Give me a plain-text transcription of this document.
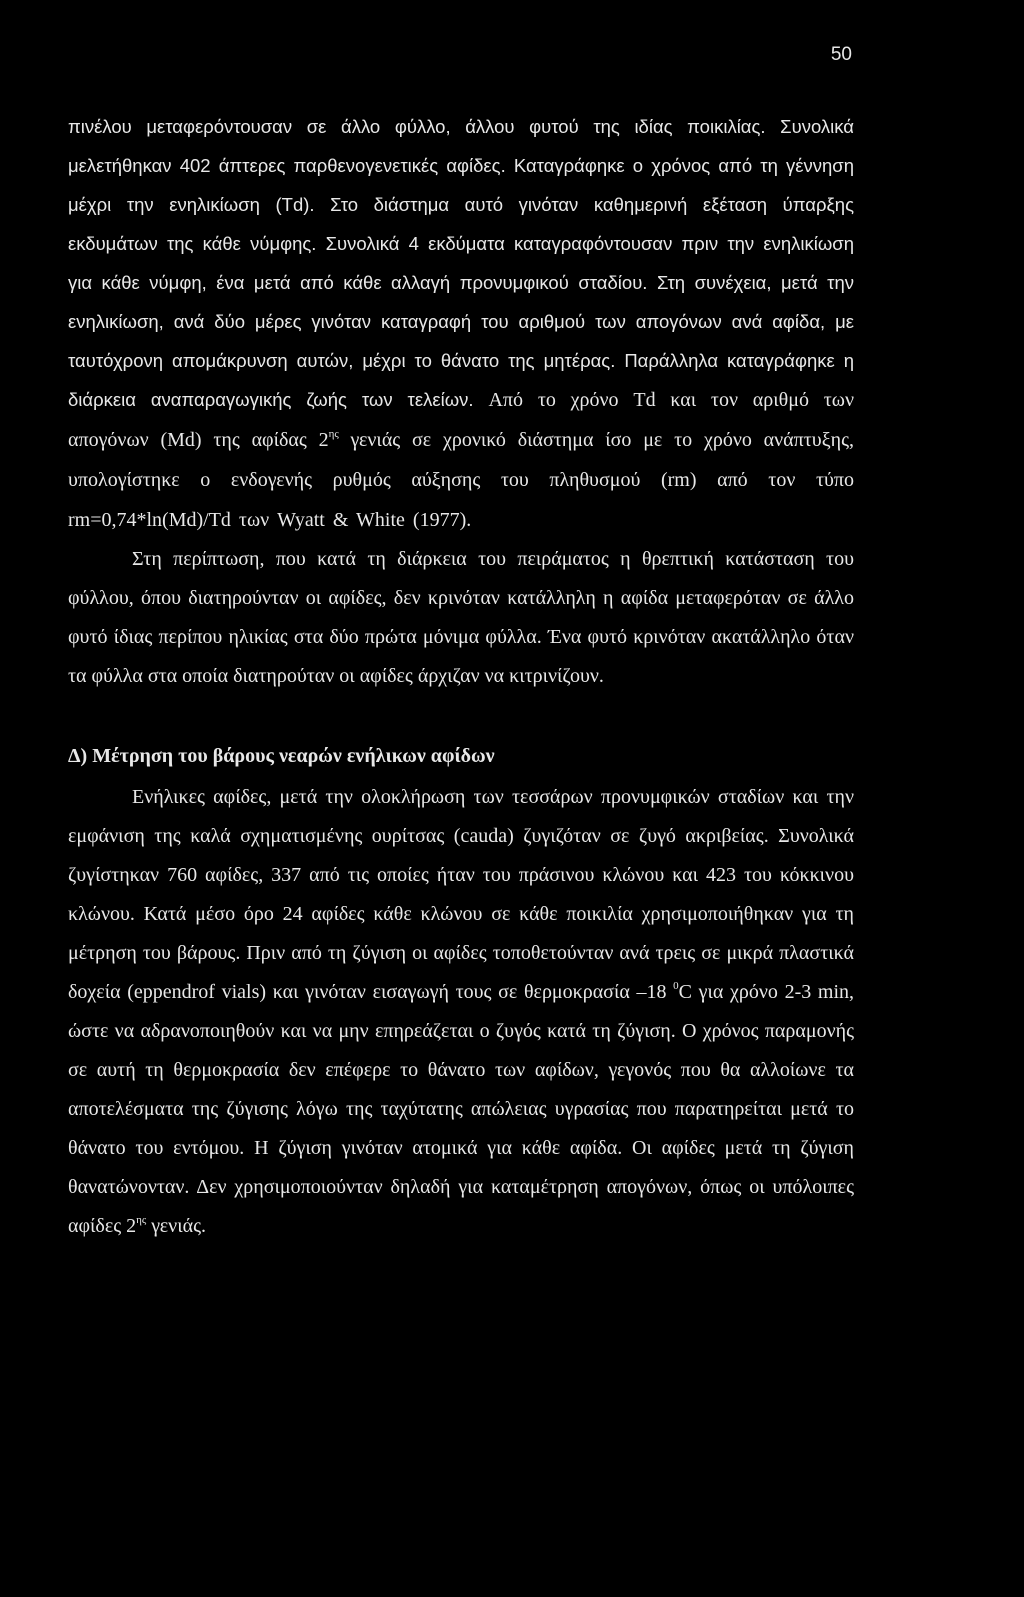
50

πινέλου μεταφερόντουσαν σε άλλο φύλλο, άλλου φυτού της ιδίας ποικιλίας. Συνολικά μελετήθηκαν 402 άπτερες παρθενογενετικές αφίδες. Καταγράφηκε ο χρόνος από τη γέννηση μέχρι την ενηλικίωση (Td). Στο διάστημα αυτό γινόταν καθημερινή εξέταση ύπαρξης εκδυμάτων της κάθε νύμφης. Συνολικά 4 εκδύματα καταγραφόντουσαν πριν την ενηλικίωση για κάθε νύμφη, ένα μετά από κάθε αλλαγή προνυμφικού σταδίου. Στη συνέχεια, μετά την ενηλικίωση, ανά δύο μέρες γινόταν καταγραφή του αριθμού των απογόνων ανά αφίδα, με ταυτόχρονη απομάκρυνση αυτών, μέχρι το θάνατο της μητέρας. Παράλληλα καταγράφηκε η διάρκεια αναπαραγωγικής ζωής των τελείων. Από το χρόνο Td και τον αριθμό των απογόνων (Md) της αφίδας $2^{\eta\varsigma}$ γενιάς σε χρονικό διάστημα ίσο με το χρόνο ανάπτυξης, υπολογίστηκε ο ενδογενής ρυθμός αύξησης του πληθυσμού (rm) από τον τύπο rm=0,74*ln(Md)/Td των Wyatt & White (1977).

Στη περίπτωση, που κατά τη διάρκεια του πειράματος η θρεπτική κατάσταση του φύλλου, όπου διατηρούνταν οι αφίδες, δεν κρινόταν κατάλληλη η αφίδα μεταφερόταν σε άλλο φυτό ίδιας περίπου ηλικίας στα δύο πρώτα μόνιμα φύλλα. Ένα φυτό κρινόταν ακατάλληλο όταν τα φύλλα στα οποία διατηρούταν οι αφίδες άρχιζαν να κιτρινίζουν.

Δ) Μέτρηση του βάρους νεαρών ενήλικων αφίδων

Ενήλικες αφίδες, μετά την ολοκλήρωση των τεσσάρων προνυμφικών σταδίων και την εμφάνιση της καλά σχηματισμένης ουρίτσας (cauda) ζυγιζόταν σε ζυγό ακριβείας. Συνολικά ζυγίστηκαν 760 αφίδες, 337 από τις οποίες ήταν του πράσινου κλώνου και 423 του κόκκινου κλώνου. Κατά μέσο όρο 24 αφίδες κάθε κλώνου σε κάθε ποικιλία χρησιμοποιήθηκαν για τη μέτρηση του βάρους. Πριν από τη ζύγιση οι αφίδες τοποθετούνταν ανά τρεις σε μικρά πλαστικά δοχεία (eppendrof vials) και γινόταν εισαγωγή τους σε θερμοκρασία –18 $^0$C για χρόνο 2-3 min, ώστε να αδρανοποιηθούν και να μην επηρεάζεται ο ζυγός κατά τη ζύγιση. Ο χρόνος παραμονής σε αυτή τη θερμοκρασία δεν επέφερε το θάνατο των αφίδων, γεγονός που θα αλλοίωνε τα αποτελέσματα της ζύγισης λόγω της ταχύτατης απώλειας υγρασίας που παρατηρείται μετά το θάνατο του εντόμου. Η ζύγιση γινόταν ατομικά για κάθε αφίδα. Οι αφίδες μετά τη ζύγιση θανατώνονταν. Δεν χρησιμοποιούνταν δηλαδή για καταμέτρηση απογόνων, όπως οι υπόλοιπες αφίδες $2^{\eta\varsigma}$ γενιάς.
